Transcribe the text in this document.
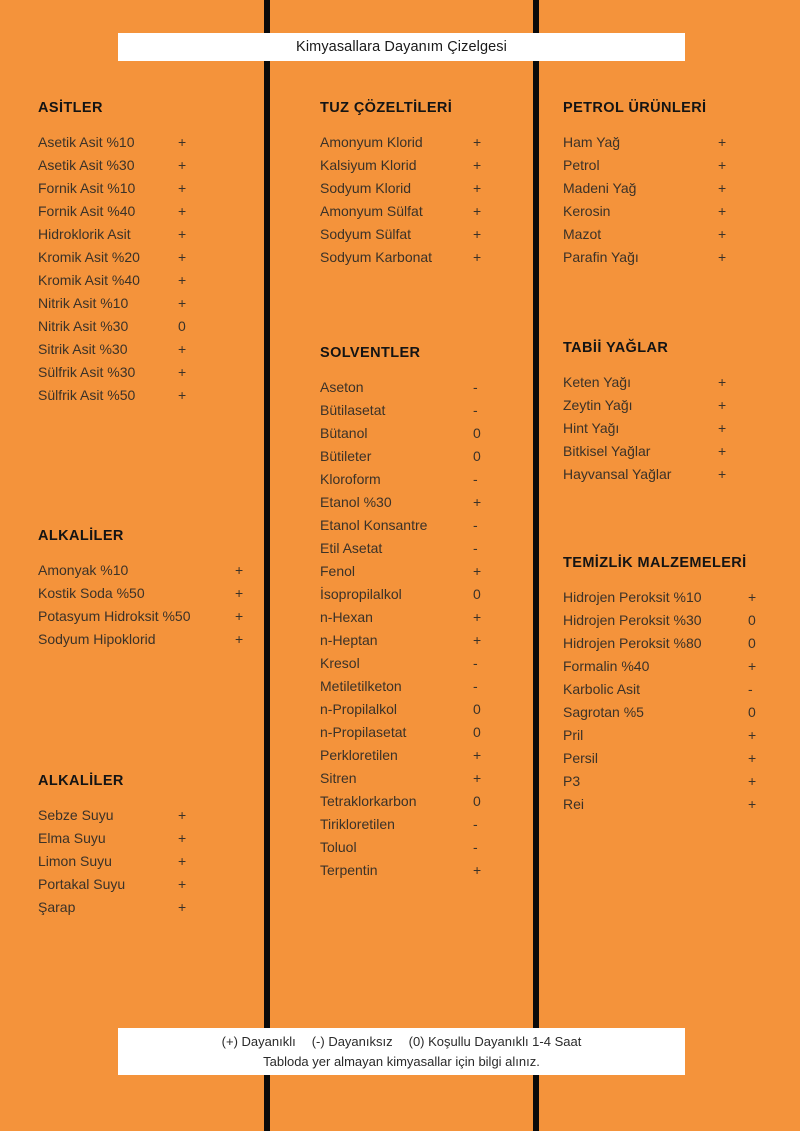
Kimyasallara Dayanım Çizelgesi
ASİTLER
Asetik Asit %10	+
Asetik Asit %30	+
Fornik Asit %10	+
Fornik Asit %40	+
Hidroklorik Asit	+
Kromik Asit %20	+
Kromik Asit %40	+
Nitrik Asit %10	+
Nitrik Asit %30	0
Sitrik Asit %30	+
Sülfrik Asit %30	+
Sülfrik Asit %50	+
ALKALİLER
Amonyak %10	+
Kostik Soda %50	+
Potasyum Hidroksit %50	+
Sodyum Hipoklorid	+
ALKALİLER
Sebze Suyu	+
Elma Suyu	+
Limon Suyu	+
Portakal Suyu	+
Şarap	+
TUZ ÇÖZELTİLERİ
Amonyum Klorid	+
Kalsiyum Klorid	+
Sodyum Klorid	+
Amonyum Sülfat	+
Sodyum Sülfat	+
Sodyum Karbonat	+
SOLVENTLER
Aseton	-
Bütilasetat	-
Bütanol	0
Bütileter	0
Kloroform	-
Etanol %30	+
Etanol Konsantre	-
Etil Asetat	-
Fenol	+
İsopropilalkol	0
n-Hexan	+
n-Heptan	+
Kresol	-
Metiletilketon	-
n-Propilalkol	0
n-Propilasetat	0
Perkloretilen	+
Sitren	+
Tetraklorkarbon	0
Tirikloretilen	-
Toluol	-
Terpentin	+
PETROL ÜRÜNLERİ
Ham Yağ	+
Petrol	+
Madeni Yağ	+
Kerosin	+
Mazot	+
Parafin Yağı	+
TABİİ YAĞLAR
Keten Yağı	+
Zeytin Yağı	+
Hint Yağı	+
Bitkisel Yağlar	+
Hayvansal Yağlar	+
TEMİZLİK MALZEMELERİ
Hidrojen Peroksit %10	+
Hidrojen Peroksit %30	0
Hidrojen Peroksit %80	0
Formalin %40	+
Karbolic Asit	-
Sagrotan %5	0
Pril	+
Persil	+
P3	+
Rei	+
(+) Dayanıklı (-) Dayanıksız (0) Koşullu Dayanıklı 1-4 Saat
Tabloda yer almayan kimyasallar için bilgi alınız.
